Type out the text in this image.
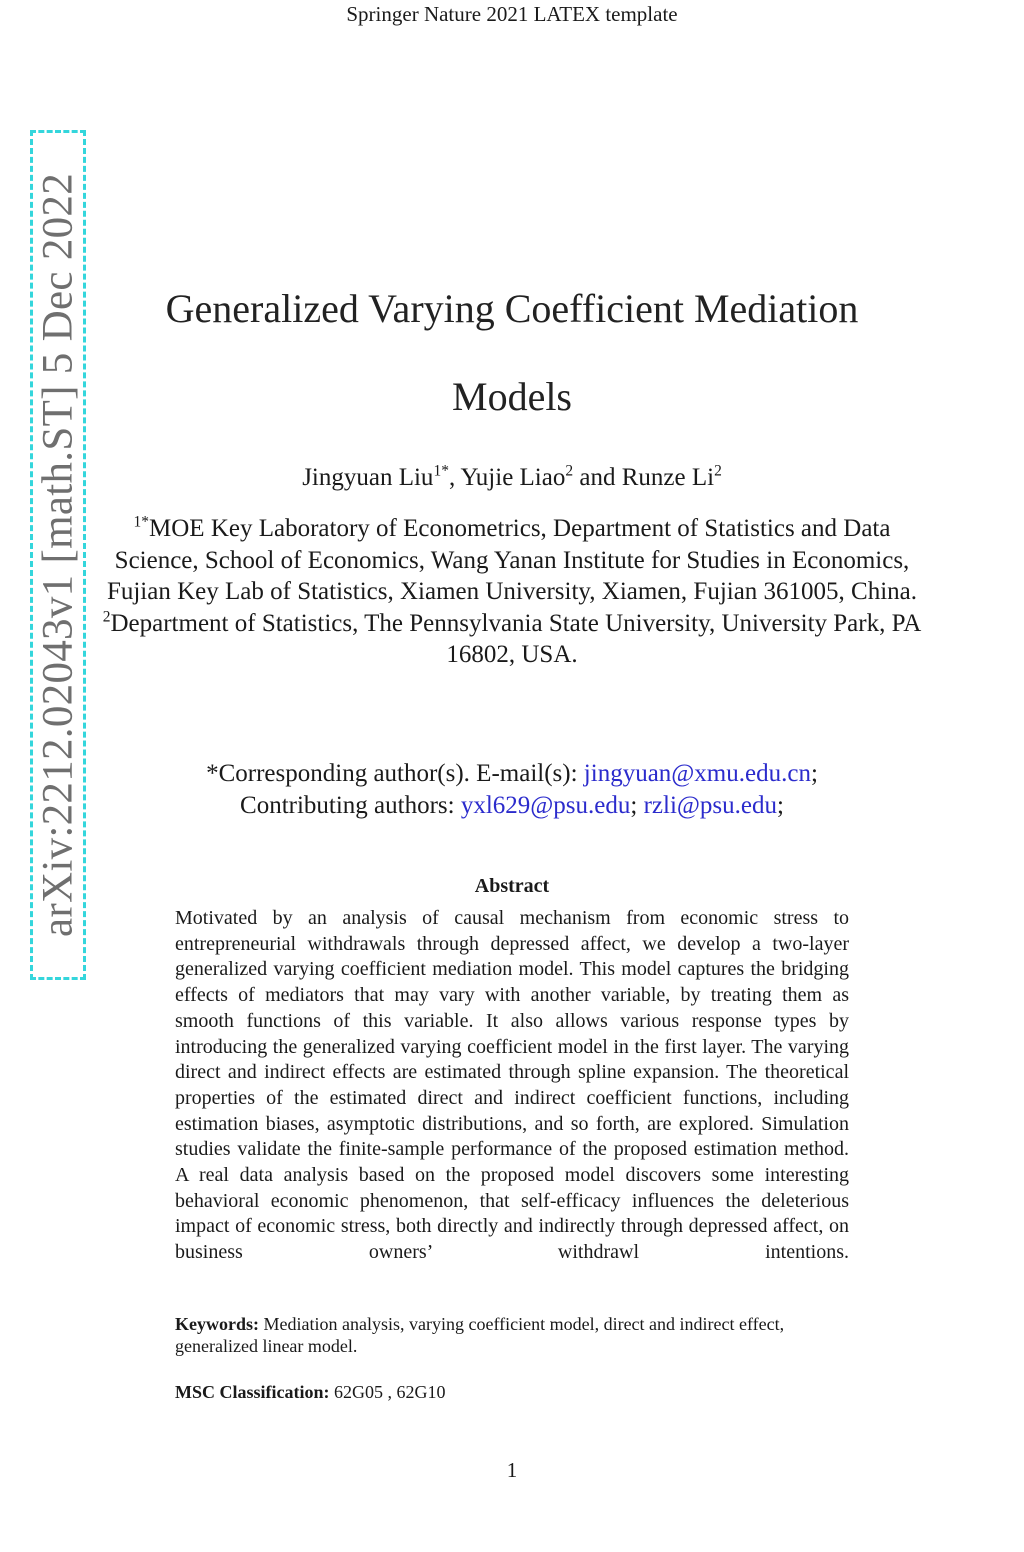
Springer Nature 2021 LATEX template
arXiv:2212.02043v1 [math.ST] 5 Dec 2022	Generalized Varying Coefficient Mediation
Models
Jingyuan Liu$^{1*}$, Yujie Liao$^2$ and Runze Li$^2$
$^{1*}$MOE Key Laboratory of Econometrics, Department of Statistics and Data Science, School of Economics, Wang Yanan Institute for Studies in Economics, Fujian Key Lab of Statistics, Xiamen University, Xiamen, Fujian 361005, China.
$^2$Department of Statistics, The Pennsylvania State University, University Park, PA 16802, USA.
*Corresponding author(s). E-mail(s): jingyuan@xmu.edu.cn;
Contributing authors: yxl629@psu.edu; rzli@psu.edu;
Abstract

Motivated by an analysis of causal mechanism from economic stress to entrepreneurial withdrawals through depressed affect, we develop a two-layer generalized varying coefficient mediation model. This model captures the bridging effects of mediators that may vary with another variable, by treating them as smooth functions of this variable. It also allows various response types by introducing the generalized varying coefficient model in the first layer. The varying direct and indirect effects are estimated through spline expansion. The theoretical properties of the estimated direct and indirect coefficient functions, including estimation biases, asymptotic distributions, and so forth, are explored. Simulation studies validate the finite-sample performance of the proposed estimation method. A real data analysis based on the proposed model discovers some interesting behavioral economic phenomenon, that self-efficacy influences the deleterious impact of economic stress, both directly and indirectly through depressed affect, on business owners’ withdrawl intentions.

Keywords: Mediation analysis, varying coefficient model, direct and indirect effect, generalized linear model.

MSC Classification: 62G05 , 62G10

1
